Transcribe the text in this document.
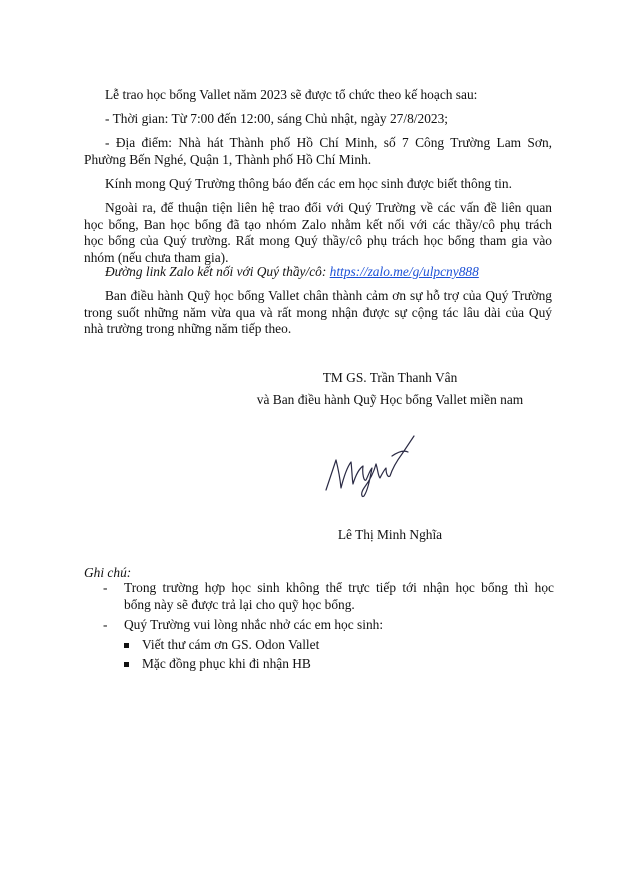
Lễ trao học bổng Vallet năm 2023 sẽ được tổ chức theo kế hoạch sau:
- Thời gian: Từ 7:00 đến 12:00, sáng Chủ nhật, ngày 27/8/2023;
- Địa điểm: Nhà hát Thành phố Hồ Chí Minh, số 7 Công Trường Lam Sơn,
Phường Bến Nghé, Quận 1, Thành phố Hồ Chí Minh.
Kính mong Quý Trường thông báo đến các em học sinh được biết thông tin.
Ngoài ra, để thuận tiện liên hệ trao đổi với Quý Trường về các vấn đề liên quan
học bổng, Ban học bổng đã tạo nhóm Zalo nhằm kết nối với các thầy/cô phụ trách
học bổng của Quý trường. Rất mong Quý thầy/cô phụ trách học bổng tham gia vào
nhóm (nếu chưa tham gia).
Đường link Zalo kết nối với Quý thầy/cô: https://zalo.me/g/ulpcny888
Ban điều hành Quỹ học bổng Vallet chân thành cảm ơn sự hỗ trợ của Quý Trường
trong suốt những năm vừa qua và rất mong nhận được sự cộng tác lâu dài của Quý
nhà trường trong những năm tiếp theo.
TM GS. Trần Thanh Vân
và Ban điều hành Quỹ Học bổng Vallet miền nam
Lê Thị Minh Nghĩa
Ghi chú:
- Trong trường hợp học sinh không thể trực tiếp tới nhận học bổng thì học
bổng này sẽ được trả lại cho quỹ học bổng.
- Quý Trường vui lòng nhắc nhở các em học sinh:
Viết thư cám ơn GS. Odon Vallet
Mặc đồng phục khi đi nhận HB
